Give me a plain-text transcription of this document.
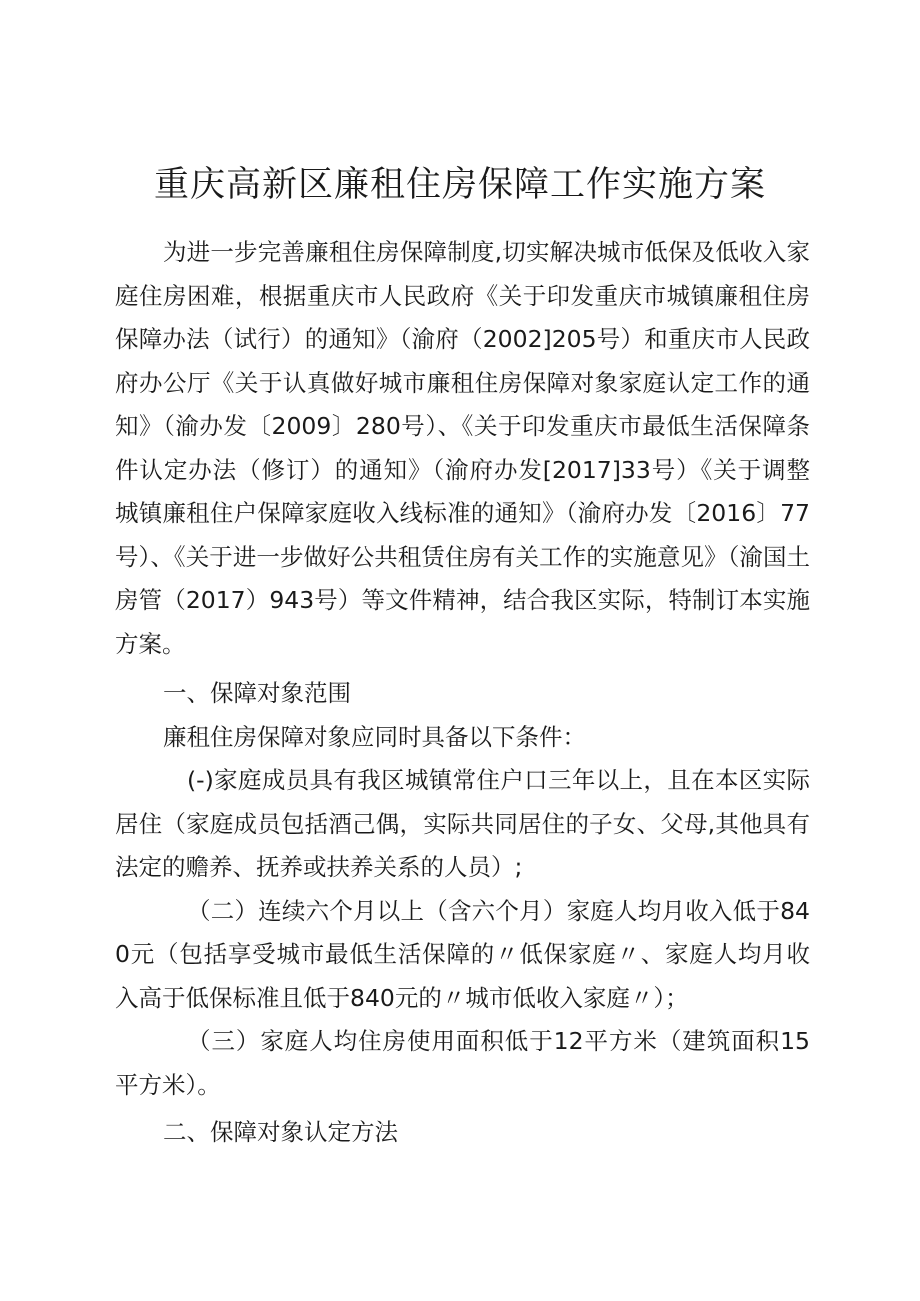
重庆高新区廉租住房保障工作实施方案

为进一步完善廉租住房保障制度,切实解决城市低保及低收入家庭住房困难，根据重庆市人民政府《关于印发重庆市城镇廉租住房保障办法（试行）的通知》（渝府（2002]205号）和重庆市人民政府办公厅《关于认真做好城市廉租住房保障对象家庭认定工作的通知》（渝办发〔2009〕280号）、《关于印发重庆市最低生活保障条件认定办法（修订）的通知》（渝府办发[2017]33号）《关于调整城镇廉租住户保障家庭收入线标准的通知》（渝府办发〔2016〕77号）、《关于进一步做好公共租赁住房有关工作的实施意见》（渝国土房管（2017）943号）等文件精神，结合我区实际，特制订本实施方案。

一、保障对象范围

廉租住房保障对象应同时具备以下条件：

(-)家庭成员具有我区城镇常住户口三年以上，且在本区实际居住（家庭成员包括酒己偶，实际共同居住的子女、父母,其他具有法定的赡养、抚养或扶养关系的人员）;

（二）连续六个月以上（含六个月）家庭人均月收入低于840元（包括享受城市最低生活保障的〃低保家庭〃、家庭人均月收入高于低保标准且低于840元的〃城市低收入家庭〃）；

（三）家庭人均住房使用面积低于12平方米（建筑面积15平方米）。

二、保障对象认定方法
